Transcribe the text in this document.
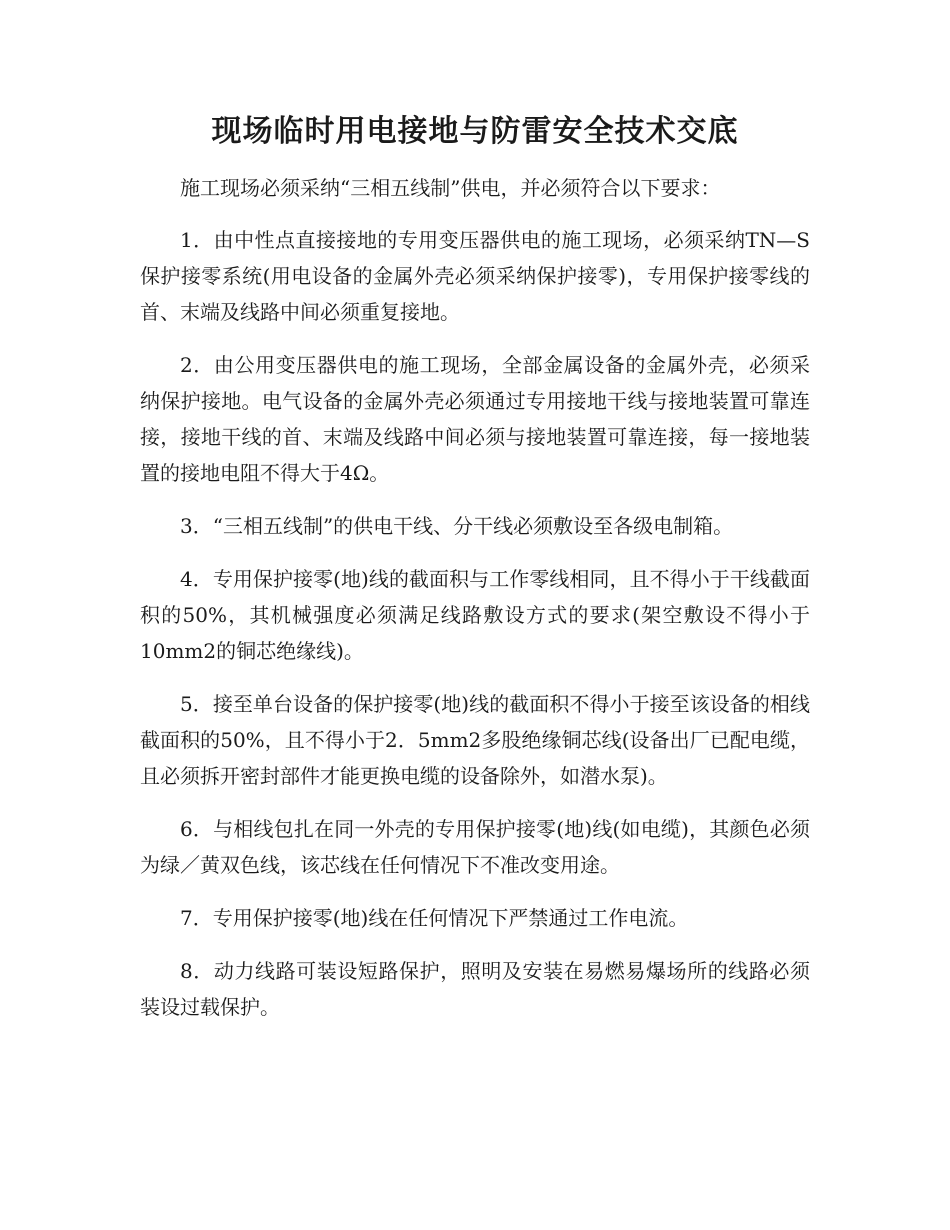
现场临时用电接地与防雷安全技术交底

施工现场必须采纳“三相五线制”供电，并必须符合以下要求：

1．由中性点直接接地的专用变压器供电的施工现场，必须采纳TN—S保护接零系统(用电设备的金属外壳必须采纳保护接零)，专用保护接零线的首、末端及线路中间必须重复接地。

2．由公用变压器供电的施工现场，全部金属设备的金属外壳，必须采纳保护接地。电气设备的金属外壳必须通过专用接地干线与接地装置可靠连接，接地干线的首、末端及线路中间必须与接地装置可靠连接，每一接地装置的接地电阻不得大于4Ω。

3．“三相五线制”的供电干线、分干线必须敷设至各级电制箱。

4．专用保护接零(地)线的截面积与工作零线相同，且不得小于干线截面积的50%，其机械强度必须满足线路敷设方式的要求(架空敷设不得小于10mm2的铜芯绝缘线)。

5．接至单台设备的保护接零(地)线的截面积不得小于接至该设备的相线截面积的50%，且不得小于2．5mm2多股绝缘铜芯线(设备出厂已配电缆，且必须拆开密封部件才能更换电缆的设备除外，如潜水泵)。

6．与相线包扎在同一外壳的专用保护接零(地)线(如电缆)，其颜色必须为绿／黄双色线，该芯线在任何情况下不准改变用途。

7．专用保护接零(地)线在任何情况下严禁通过工作电流。

8．动力线路可装设短路保护，照明及安装在易燃易爆场所的线路必须装设过载保护。
